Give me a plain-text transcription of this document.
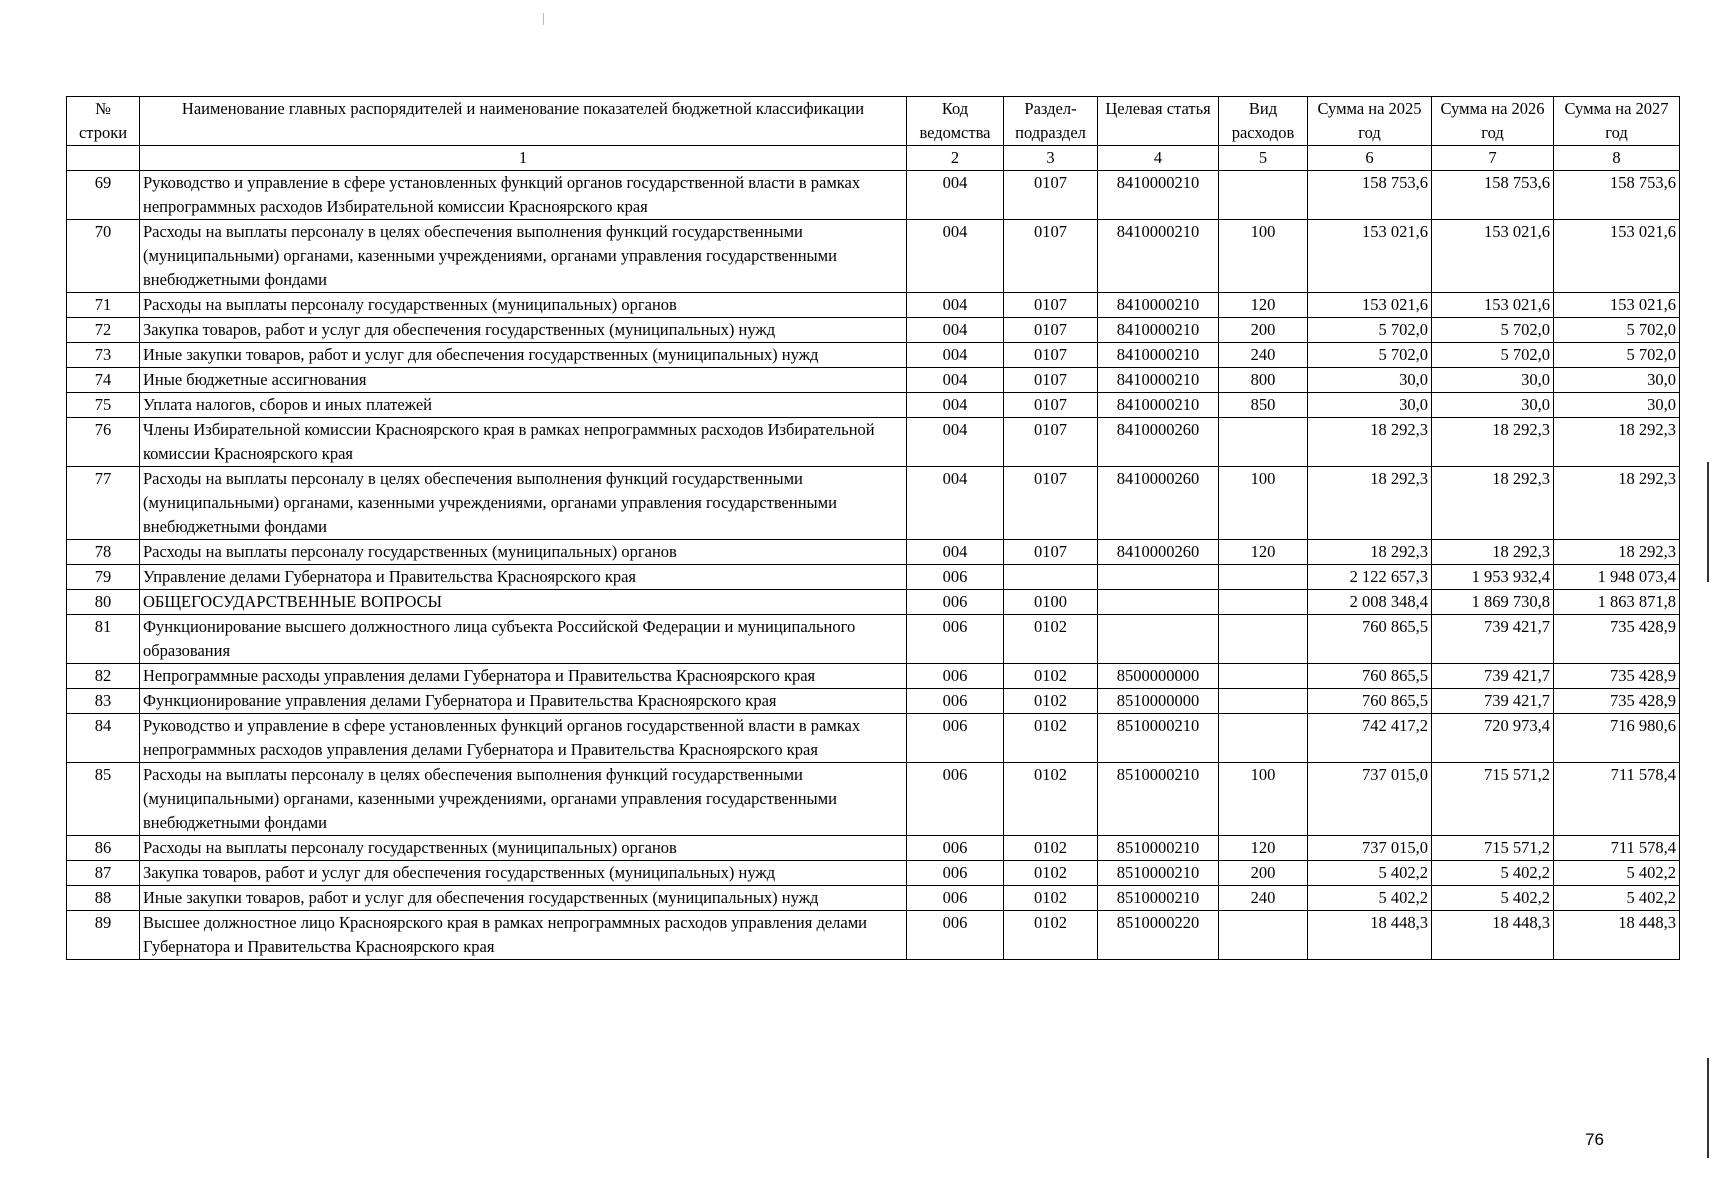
№ строки	Наименование главных распорядителей и наименование показателей бюджетной классификации	Код ведомства	Раздел-подраздел	Целевая статья	Вид расходов	Сумма на 2025 год	Сумма на 2026 год	Сумма на 2027 год
	1	2	3	4	5	6	7	8
69	Руководство и управление в сфере установленных функций органов государственной власти в рамках непрограммных расходов Избирательной комиссии Красноярского края	004	0107	8410000210		158 753,6	158 753,6	158 753,6
70	Расходы на выплаты персоналу в целях обеспечения выполнения функций государственными (муниципальными) органами, казенными учреждениями, органами управления государственными внебюджетными фондами	004	0107	8410000210	100	153 021,6	153 021,6	153 021,6
71	Расходы на выплаты персоналу государственных (муниципальных) органов	004	0107	8410000210	120	153 021,6	153 021,6	153 021,6
72	Закупка товаров, работ и услуг для обеспечения государственных (муниципальных) нужд	004	0107	8410000210	200	5 702,0	5 702,0	5 702,0
73	Иные закупки товаров, работ и услуг для обеспечения государственных (муниципальных) нужд	004	0107	8410000210	240	5 702,0	5 702,0	5 702,0
74	Иные бюджетные ассигнования	004	0107	8410000210	800	30,0	30,0	30,0
75	Уплата налогов, сборов и иных платежей	004	0107	8410000210	850	30,0	30,0	30,0
76	Члены Избирательной комиссии Красноярского края в рамках непрограммных расходов Избирательной комиссии Красноярского края	004	0107	8410000260		18 292,3	18 292,3	18 292,3
77	Расходы на выплаты персоналу в целях обеспечения выполнения функций государственными (муниципальными) органами, казенными учреждениями, органами управления государственными внебюджетными фондами	004	0107	8410000260	100	18 292,3	18 292,3	18 292,3
78	Расходы на выплаты персоналу государственных (муниципальных) органов	004	0107	8410000260	120	18 292,3	18 292,3	18 292,3
79	Управление делами Губернатора и Правительства Красноярского края	006				2 122 657,3	1 953 932,4	1 948 073,4
80	ОБЩЕГОСУДАРСТВЕННЫЕ ВОПРОСЫ	006	0100			2 008 348,4	1 869 730,8	1 863 871,8
81	Функционирование высшего должностного лица субъекта Российской Федерации и муниципального образования	006	0102			760 865,5	739 421,7	735 428,9
82	Непрограммные расходы управления делами Губернатора и Правительства Красноярского края	006	0102	8500000000		760 865,5	739 421,7	735 428,9
83	Функционирование управления делами Губернатора и Правительства Красноярского края	006	0102	8510000000		760 865,5	739 421,7	735 428,9
84	Руководство и управление в сфере установленных функций органов государственной власти в рамках непрограммных расходов управления делами Губернатора и Правительства Красноярского края	006	0102	8510000210		742 417,2	720 973,4	716 980,6
85	Расходы на выплаты персоналу в целях обеспечения выполнения функций государственными (муниципальными) органами, казенными учреждениями, органами управления государственными внебюджетными фондами	006	0102	8510000210	100	737 015,0	715 571,2	711 578,4
86	Расходы на выплаты персоналу государственных (муниципальных) органов	006	0102	8510000210	120	737 015,0	715 571,2	711 578,4
87	Закупка товаров, работ и услуг для обеспечения государственных (муниципальных) нужд	006	0102	8510000210	200	5 402,2	5 402,2	5 402,2
88	Иные закупки товаров, работ и услуг для обеспечения государственных (муниципальных) нужд	006	0102	8510000210	240	5 402,2	5 402,2	5 402,2
89	Высшее должностное лицо Красноярского края в рамках непрограммных расходов управления делами Губернатора и Правительства Красноярского края	006	0102	8510000220		18 448,3	18 448,3	18 448,3
76
